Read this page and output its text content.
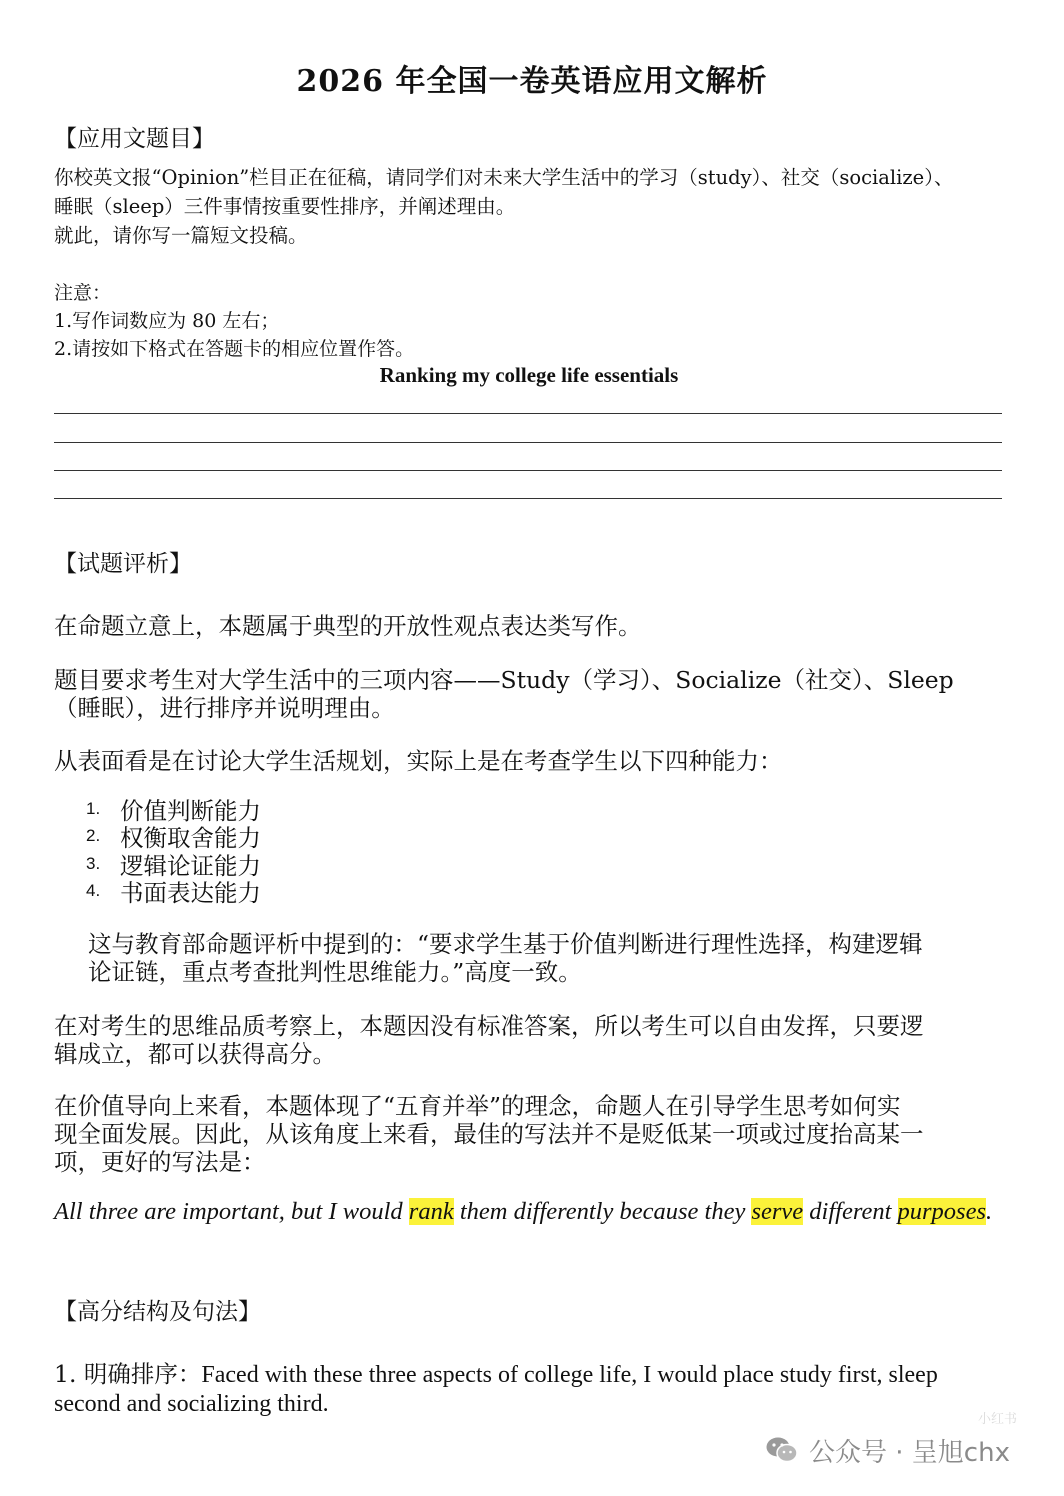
2026 年全国一卷英语应用文解析
【应用文题目】
你校英文报“Opinion”栏目正在征稿，请同学们对未来大学生活中的学习（study）、社交（socialize）、
睡眠（sleep）三件事情按重要性排序，并阐述理由。
就此，请你写一篇短文投稿。
注意：
1.写作词数应为 80 左右；
2.请按如下格式在答题卡的相应位置作答。
Ranking my college life essentials
【试题评析】
在命题立意上，本题属于典型的开放性观点表达类写作。
题目要求考生对大学生活中的三项内容——Study（学习）、Socialize（社交）、Sleep
（睡眠），进行排序并说明理由。
从表面看是在讨论大学生活规划，实际上是在考查学生以下四种能力：
1. 价值判断能力
2. 权衡取舍能力
3. 逻辑论证能力
4. 书面表达能力
这与教育部命题评析中提到的：“要求学生基于价值判断进行理性选择，构建逻辑
论证链，重点考查批判性思维能力。”高度一致。
在对考生的思维品质考察上，本题因没有标准答案，所以考生可以自由发挥，只要逻
辑成立，都可以获得高分。
在价值导向上来看，本题体现了“五育并举”的理念，命题人在引导学生思考如何实
现全面发展。因此，从该角度上来看，最佳的写法并不是贬低某一项或过度抬高某一
项，更好的写法是：
All three are important, but I would rank them differently because they serve different purposes.
【高分结构及句法】
1. 明确排序：Faced with these three aspects of college life, I would place study first, sleep second and socializing third.
小红书
公众号 · 呈旭chx
